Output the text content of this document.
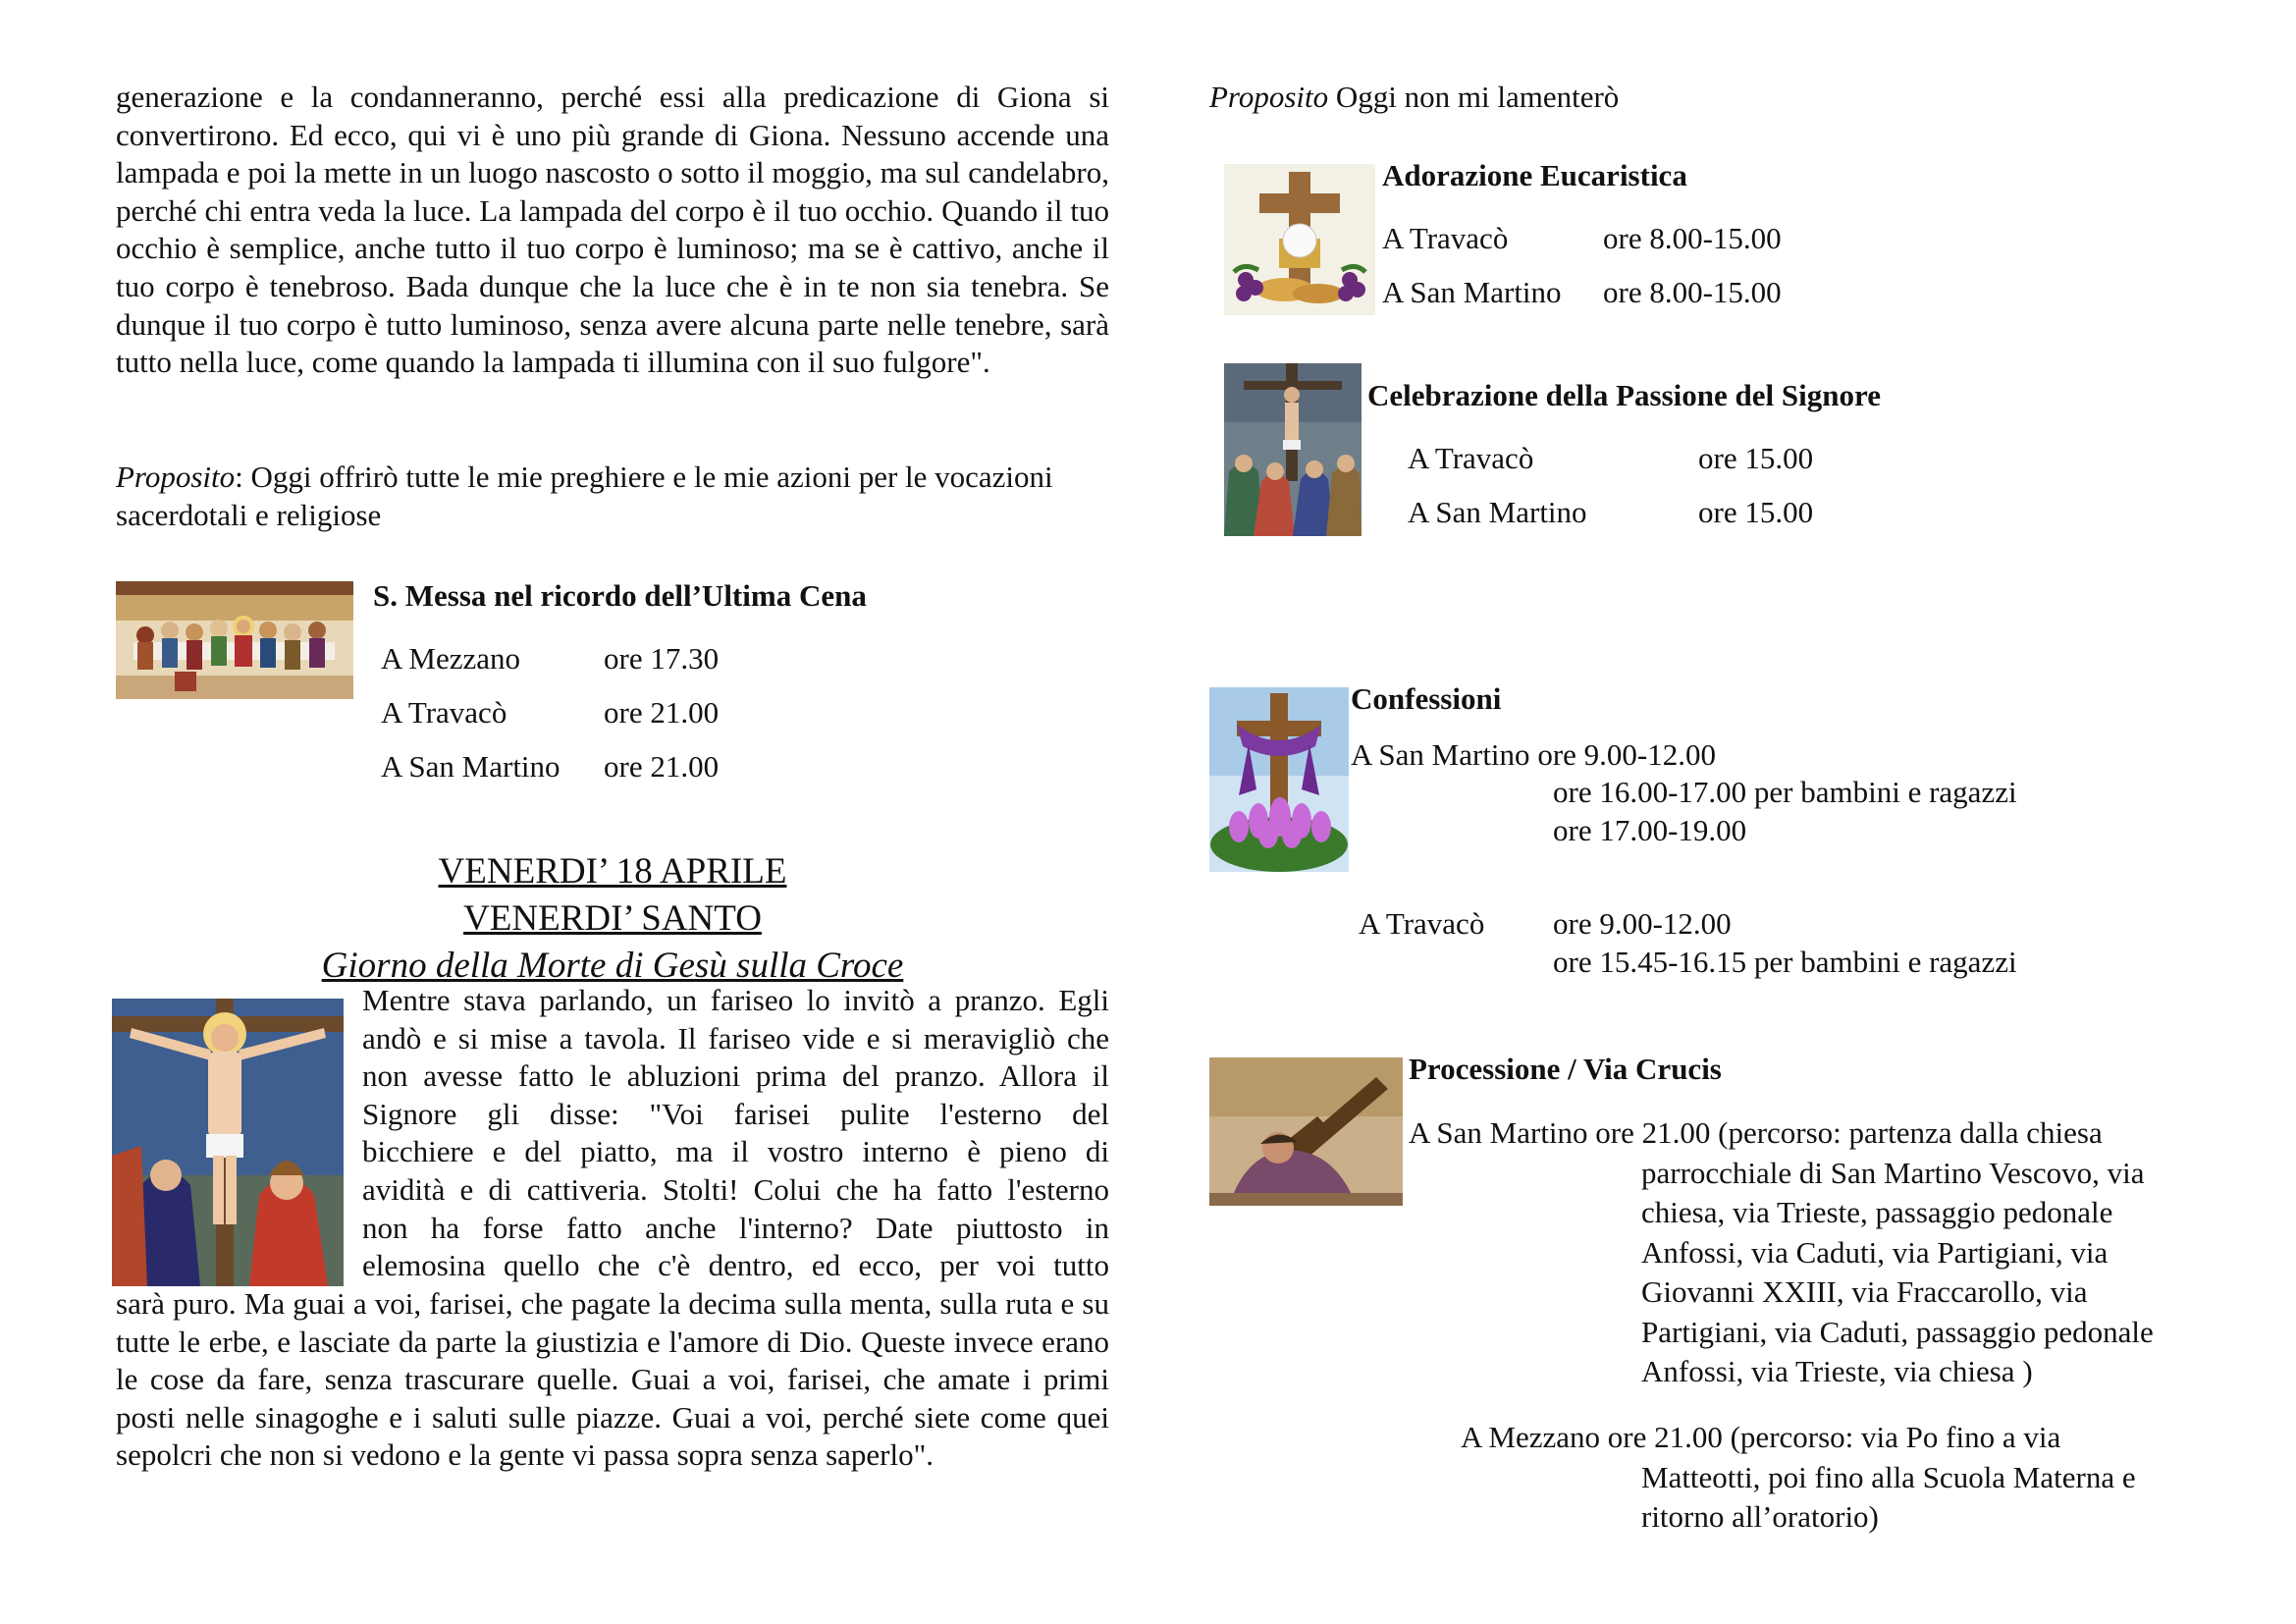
generazione e la condanneranno, perché essi alla predicazione di Giona si convertirono. Ed ecco, qui vi è uno più grande di Giona. Nessuno accende una lampada e poi la mette in un luogo nascosto o sotto il moggio, ma sul candelabro, perché chi entra veda la luce. La lampada del corpo è il tuo occhio. Quando il tuo occhio è semplice, anche tutto il tuo corpo è luminoso; ma se è cattivo, anche il tuo corpo è tenebroso. Bada dunque che la luce che è in te non sia tenebra. Se dunque il tuo corpo è tutto luminoso, senza avere alcuna parte nelle tenebre, sarà tutto nella luce, come quando la lampada ti illumina con il suo fulgore".
Proposito: Oggi offrirò tutte le mie preghiere e le mie azioni per le vocazioni sacerdotali e religiose
S. Messa nel ricordo dell’Ultima Cena
A Mezzano	ore 17.30
A Travacò	ore 21.00
A San Martino ore 21.00
VENERDI’ 18 APRILE
VENERDI’ SANTO
Giorno della Morte di Gesù sulla Croce
Mentre stava parlando, un fariseo lo invitò a pranzo. Egli
andò e si mise a tavola. Il fariseo vide e si meravigliò che
non avesse fatto le abluzioni prima del pranzo. Allora il
Signore gli disse: "Voi farisei pulite l'esterno del
bicchiere e del piatto, ma il vostro interno è pieno di
avidità e di cattiveria. Stolti! Colui che ha fatto l'esterno
non ha forse fatto anche l'interno? Date piuttosto in
elemosina quello che c'è dentro, ed ecco, per voi tutto
sarà puro. Ma guai a voi, farisei, che pagate la decima sulla menta, sulla ruta e su tutte le erbe, e lasciate da parte la giustizia e l'amore di Dio. Queste invece erano le cose da fare, senza trascurare quelle. Guai a voi, farisei, che amate i primi posti nelle sinagoghe e i saluti sulle piazze. Guai a voi, perché siete come quei sepolcri che non si vedono e la gente vi passa sopra senza saperlo".
Proposito Oggi non mi lamenterò
Adorazione Eucaristica
A Travacò	ore 8.00-15.00
A San Martino ore 8.00-15.00
Celebrazione della Passione del Signore
A Travacò	ore 15.00
A San Martino	ore 15.00
Confessioni
A San Martino ore 9.00-12.00
ore 16.00-17.00 per bambini e ragazzi
ore 17.00-19.00
A Travacò ore 9.00-12.00
ore 15.45-16.15 per bambini e ragazzi
Processione / Via Crucis
A San Martino ore 21.00 (percorso: partenza dalla chiesa
parrocchiale di San Martino Vescovo, via
chiesa, via Trieste, passaggio pedonale
Anfossi, via Caduti, via Partigiani, via
Giovanni XXIII, via Fraccarollo, via
Partigiani, via Caduti, passaggio pedonale
Anfossi, via Trieste, via chiesa )
A Mezzano ore 21.00 (percorso: via Po fino a via
Matteotti, poi fino alla Scuola Materna e
ritorno all’oratorio)
